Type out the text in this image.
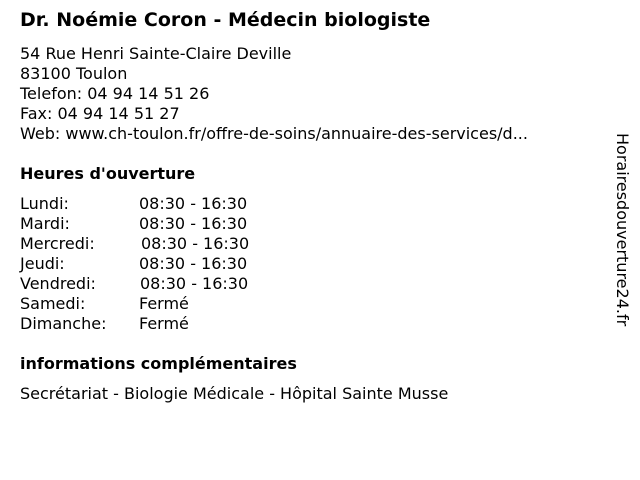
Dr. Noémie Coron - Médecin biologiste
54 Rue Henri Sainte-Claire Deville
83100 Toulon
Telefon: 04 94 14 51 26
Fax: 04 94 14 51 27
Web: www.ch-toulon.fr/offre-de-soins/annuaire-des-services/d...
Heures d'ouverture
Lundi:	08:30 - 16:30
Mardi:	08:30 - 16:30
Mercredi:	08:30 - 16:30
Jeudi:	08:30 - 16:30
Vendredi:	08:30 - 16:30
Samedi:	Fermé
Dimanche: Fermé
informations complémentaires
Secrétariat - Biologie Médicale - Hôpital Sainte Musse
Horairesdouverture24.fr
